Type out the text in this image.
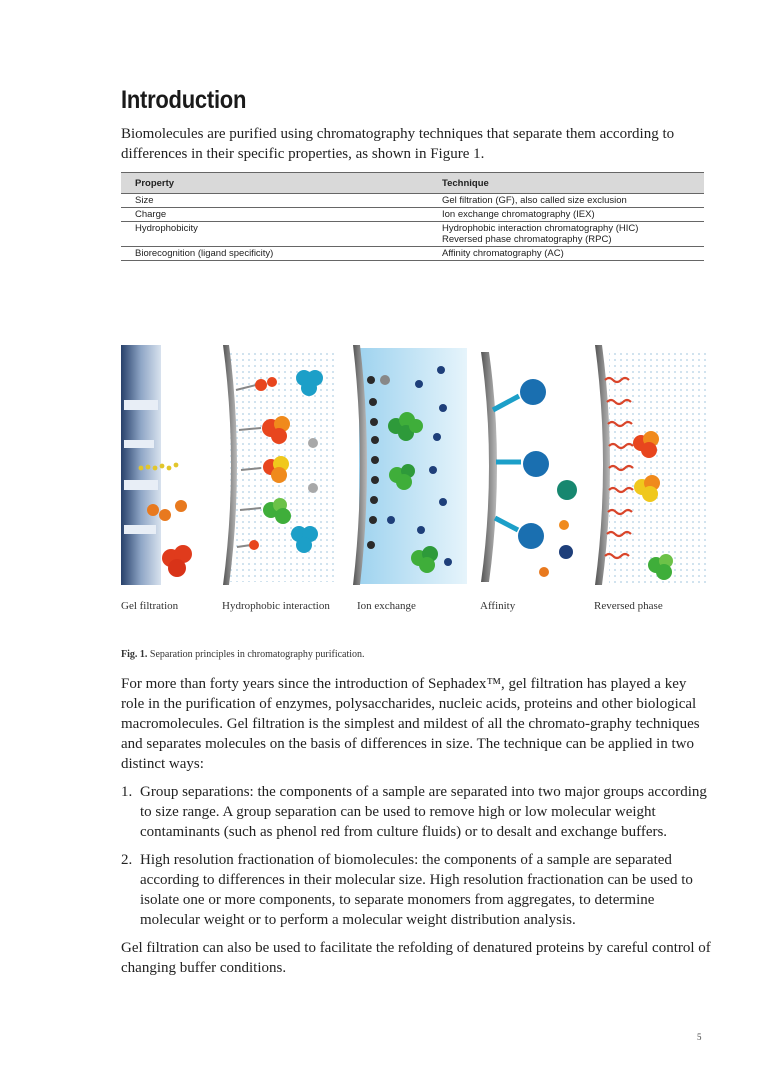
Introduction
Biomolecules are purified using chromatography techniques that separate them according to differences in their specific properties, as shown in Figure 1.
Property	Technique
Size	Gel filtration (GF), also called size exclusion
Charge	Ion exchange chromatography (IEX)
Hydrophobicity	Hydrophobic interaction chromatography (HIC)
Reversed phase chromatography (RPC)

Biorecognition (ligand specificity)	Affinity chromatography (AC)
Gel filtration	Hydrophobic interaction Ion exchange	Affinity	Reversed phase
Fig. 1. Separation principles in chromatography purification.

For more than forty years since the introduction of Sephadex™, gel filtration has played a key role in the purification of enzymes, polysaccharides, nucleic acids, proteins and other biological macromolecules. Gel filtration is the simplest and mildest of all the chromato-graphy techniques and separates molecules on the basis of differences in size. The technique can be applied in two distinct ways:

1. Group separations: the components of a sample are separated into two major groups according to size range. A group separation can be used to remove high or low molecular weight contaminants (such as phenol red from culture fluids) or to desalt and exchange buffers.
2. High resolution fractionation of biomolecules: the components of a sample are separated according to differences in their molecular size. High resolution fractionation can be used to isolate one or more components, to separate monomers from aggregates, to determine molecular weight or to perform a molecular weight distribution analysis.

Gel filtration can also be used to facilitate the refolding of denatured proteins by careful control of changing buffer conditions.

5
